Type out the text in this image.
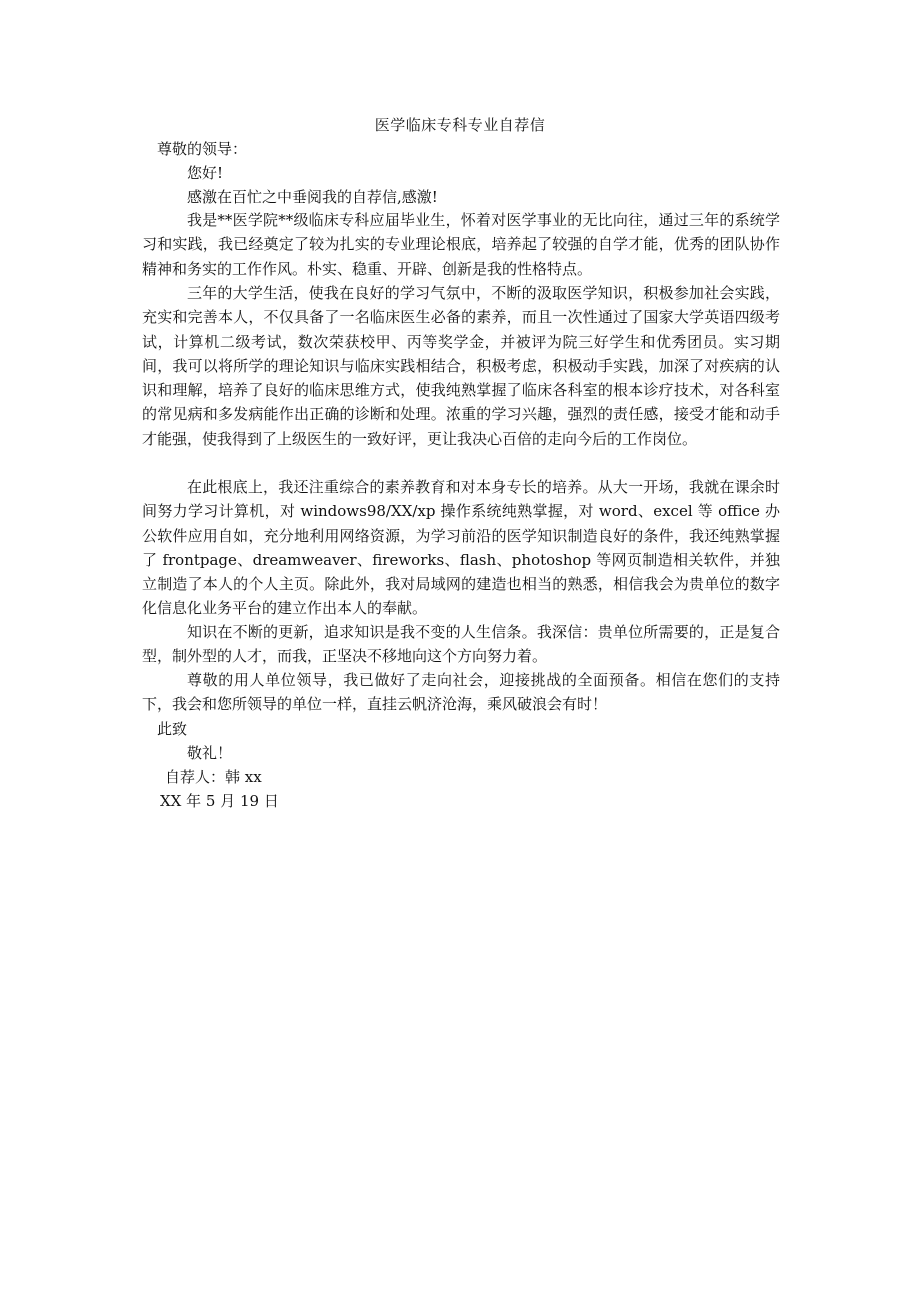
医学临床专科专业自荐信
尊敬的领导：
您好!
感激在百忙之中垂阅我的自荐信,感激!

我是**医学院**级临床专科应届毕业生，怀着对医学事业的无比向往，通过三年的系统学习和实践，我已经奠定了较为扎实的专业理论根底，培养起了较强的自学才能，优秀的团队协作精神和务实的工作作风。朴实、稳重、开辟、创新是我的性格特点。

三年的大学生活，使我在良好的学习气氛中，不断的汲取医学知识，积极参加社会实践，充实和完善本人，不仅具备了一名临床医生必备的素养，而且一次性通过了国家大学英语四级考试，计算机二级考试，数次荣获校甲、丙等奖学金，并被评为院三好学生和优秀团员。实习期间，我可以将所学的理论知识与临床实践相结合，积极考虑，积极动手实践，加深了对疾病的认识和理解，培养了良好的临床思维方式，使我纯熟掌握了临床各科室的根本诊疗技术，对各科室的常见病和多发病能作出正确的诊断和处理。浓重的学习兴趣，强烈的责任感，接受才能和动手才能强，使我得到了上级医生的一致好评，更让我决心百倍的走向今后的工作岗位。

在此根底上，我还注重综合的素养教育和对本身专长的培养。从大一开场，我就在课余时间努力学习计算机，对 windows98/XX/xp 操作系统纯熟掌握，对 word、excel 等 office 办公软件应用自如，充分地利用网络资源，为学习前沿的医学知识制造良好的条件，我还纯熟掌握了 frontpage、dreamweaver、fireworks、flash、photoshop 等网页制造相关软件，并独立制造了本人的个人主页。除此外，我对局域网的建造也相当的熟悉，相信我会为贵单位的数字化信息化业务平台的建立作出本人的奉献。

知识在不断的更新，追求知识是我不变的人生信条。我深信：贵单位所需要的，正是复合型，制外型的人才，而我，正坚决不移地向这个方向努力着。

尊敬的用人单位领导，我已做好了走向社会，迎接挑战的全面预备。相信在您们的支持下，我会和您所领导的单位一样，直挂云帆济沧海，乘风破浪会有时！

此致
敬礼！
自荐人：韩 xx
XX 年 5 月 19 日
